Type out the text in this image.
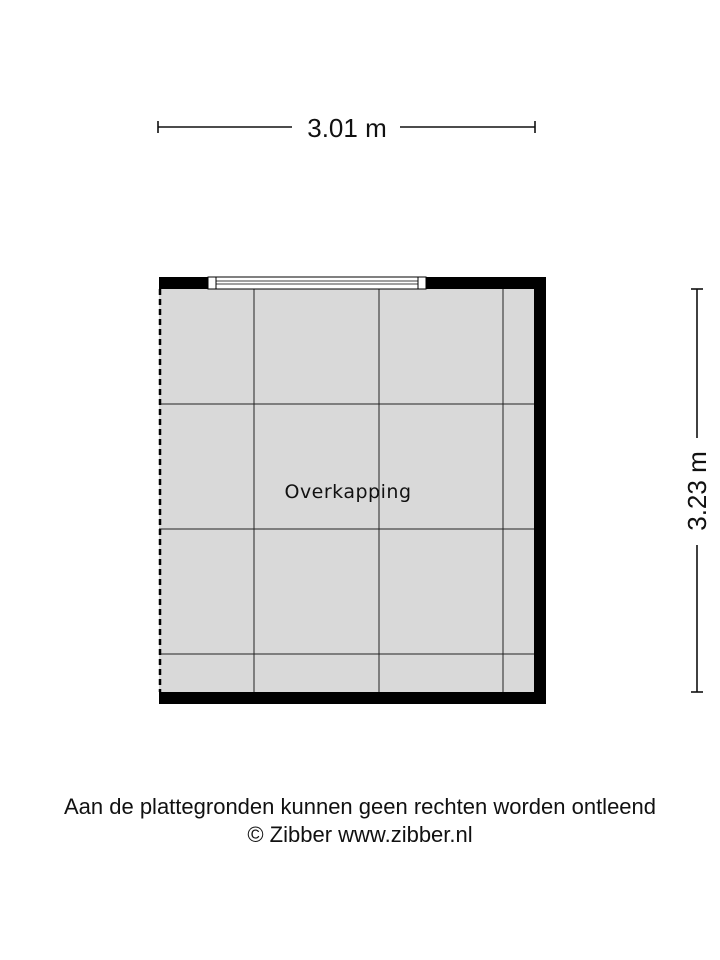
3.01 m
3.23 m
Overkapping
Aan de plattegronden kunnen geen rechten worden ontleend
© Zibber www.zibber.nl
